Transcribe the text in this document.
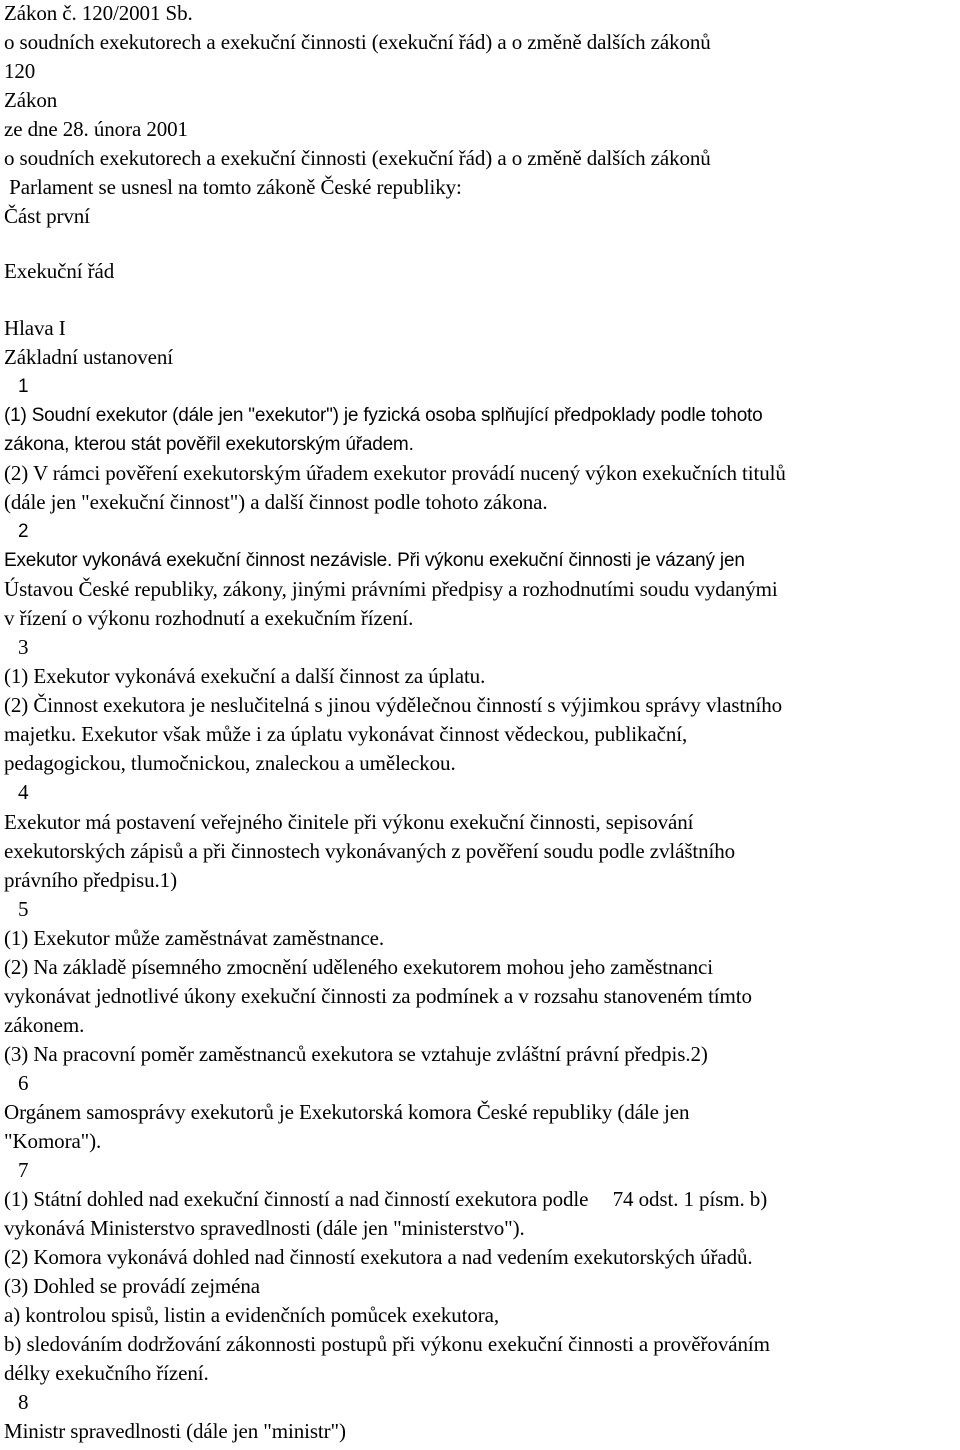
Zákon č. 120/2001 Sb.
o soudních exekutorech a exekuční činnosti (exekuční řád) a o změně dalších zákonů
120
Zákon
ze dne 28. února 2001
o soudních exekutorech a exekuční činnosti (exekuční řád) a o změně dalších zákonů
Parlament se usnesl na tomto zákoně České republiky:
Část první
Exekuční řád
Hlava I
Základní ustanovení
1
(1) Soudní exekutor (dále jen "exekutor") je fyzická osoba splňující předpoklady podle tohoto
zákona, kterou stát pověřil exekutorským úřadem.
(2) V rámci pověření exekutorským úřadem exekutor provádí nucený výkon exekučních titulů
(dále jen "exekuční činnost") a další činnost podle tohoto zákona.
2
Exekutor vykonává exekuční činnost nezávisle. Při výkonu exekuční činnosti je vázaný jen
Ústavou České republiky, zákony, jinými právními předpisy a rozhodnutími soudu vydanými
v řízení o výkonu rozhodnutí a exekučním řízení.
3
(1) Exekutor vykonává exekuční a další činnost za úplatu.
(2) Činnost exekutora je neslučitelná s jinou výdělečnou činností s výjimkou správy vlastního
majetku. Exekutor však může i za úplatu vykonávat činnost vědeckou, publikační,
pedagogickou, tlumočnickou, znaleckou a uměleckou.
4
Exekutor má postavení veřejného činitele při výkonu exekuční činnosti, sepisování
exekutorských zápisů a při činnostech vykonávaných z pověření soudu podle zvláštního
právního předpisu.1)
5
(1) Exekutor může zaměstnávat zaměstnance.
(2) Na základě písemného zmocnění uděleného exekutorem mohou jeho zaměstnanci
vykonávat jednotlivé úkony exekuční činnosti za podmínek a v rozsahu stanoveném tímto
zákonem.
(3) Na pracovní poměr zaměstnanců exekutora se vztahuje zvláštní právní předpis.2)
6
Orgánem samosprávy exekutorů je Exekutorská komora České republiky (dále jen
"Komora").
7
(1) Státní dohled nad exekuční činností a nad činností exekutora podle  74 odst. 1 písm. b)
vykonává Ministerstvo spravedlnosti (dále jen "ministerstvo").
(2) Komora vykonává dohled nad činností exekutora a nad vedením exekutorských úřadů.
(3) Dohled se provádí zejména
a) kontrolou spisů, listin a evidenčních pomůcek exekutora,
b) sledováním dodržování zákonnosti postupů při výkonu exekuční činnosti a prověřováním
délky exekučního řízení.
8
Ministr spravedlnosti (dále jen "ministr")
